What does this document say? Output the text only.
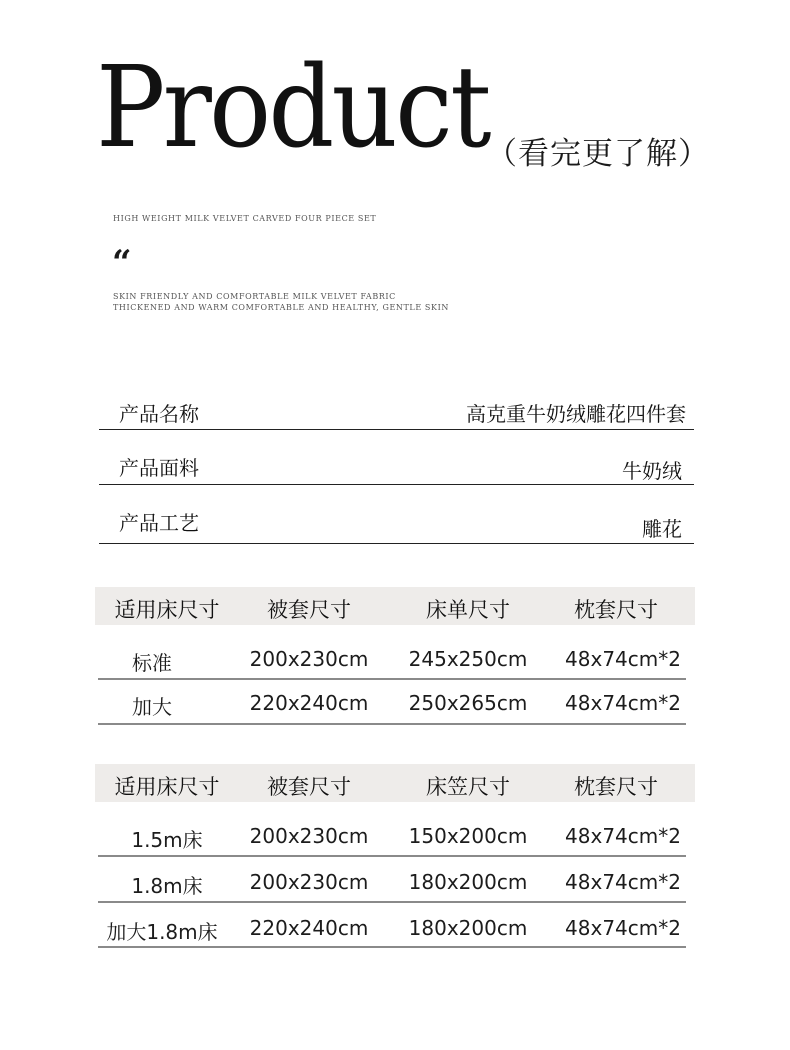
Product
（看完更了解）
HIGH WEIGHT MILK VELVET CARVED FOUR PIECE SET
“
SKIN FRIENDLY AND COMFORTABLE MILK VELVET FABRIC THICKENED AND WARM COMFORTABLE AND HEALTHY, GENTLE SKIN
产品名称	高克重牛奶绒雕花四件套
产品面料	牛奶绒
产品工艺	雕花
适用床尺寸 被套尺寸	床单尺寸	枕套尺寸
标准	200x230cm 245x250cm 48x74cm*2
加大	220x240cm 250x265cm 48x74cm*2
适用床尺寸 被套尺寸	床笠尺寸	枕套尺寸
1.5m床 200x230cm 150x200cm 48x74cm*2
1.8m床 200x230cm 180x200cm 48x74cm*2
加大1.8m床 220x240cm 180x200cm 48x74cm*2
